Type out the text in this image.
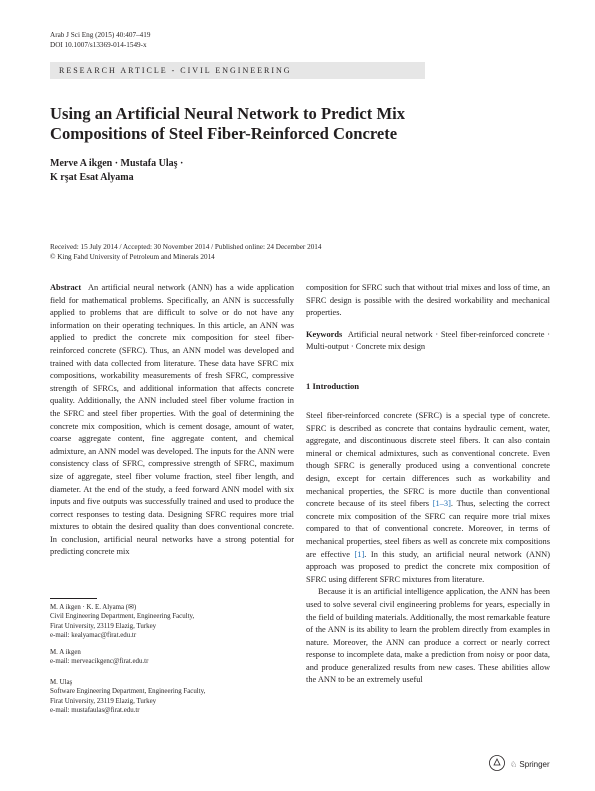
Arab J Sci Eng (2015) 40:407–419
DOI 10.1007/s13369-014-1549-x
RESEARCH ARTICLE - CIVIL ENGINEERING
Using an Artificial Neural Network to Predict Mix
Compositions of Steel Fiber-Reinforced Concrete
Merve A ikgen · Mustafa Ulaş ·
K rşat Esat Alyama
Received: 15 July 2014 / Accepted: 30 November 2014 / Published online: 24 December 2014
© King Fahd University of Petroleum and Minerals 2014

Abstract An artificial neural network (ANN) has a wide application field for mathematical problems. Specifically, an ANN is successfully applied to problems that are difficult to solve or do not have any information on their operating techniques. In this article, an ANN was applied to predict the concrete mix composition for steel fiber-reinforced concrete (SFRC). Thus, an ANN model was developed and trained with data collected from literature. These data have SFRC mix compositions, workability measurements of fresh SFRC, compressive strength of SFRCs, and additional information that affects concrete quality. Additionally, the ANN included steel fiber volume fraction in the SFRC and steel fiber properties. With the goal of determining the concrete mix composition, which is cement dosage, amount of water, coarse aggregate content, fine aggregate content, and chemical admixture, an ANN model was developed. The inputs for the ANN were consistency class of SFRC, compressive strength of SFRC, maximum size of aggregate, steel fiber volume fraction, steel fiber length, and diameter. At the end of the study, a feed forward ANN model with six inputs and five outputs was successfully trained and used to produce the correct responses to testing data. Designing SFRC requires more trial mixtures to obtain the desired quality than does conventional concrete. In conclusion, artificial neural networks have a strong potential for predicting concrete mix

composition for SFRC such that without trial mixes and loss of time, an SFRC design is possible with the desired workability and mechanical properties.

Keywords Artificial neural network · Steel fiber-reinforced concrete · Multi-output · Concrete mix design

1 Introduction

Steel fiber-reinforced concrete (SFRC) is a special type of concrete. SFRC is described as concrete that contains hydraulic cement, water, aggregate, and discontinuous discrete steel fibers. It can also contain mineral or chemical admixtures, such as conventional concrete. Even though SFRC is generally produced using a conventional concrete design, except for certain differences such as workability and mechanical properties, the SFRC is more ductile than conventional concrete because of its steel fibers [1–3]. Thus, selecting the correct concrete mix composition of the SFRC can require more trial mixes compared to that of conventional concrete. Moreover, in terms of mechanical properties, steel fibers as well as concrete mix compositions are effective [1]. In this study, an artificial neural network (ANN) approach was proposed to predict the concrete mix composition of SFRC using different SFRC mixtures from literature.

Because it is an artificial intelligence application, the ANN has been used to solve several civil engineering problems for years, especially in the field of building materials. Additionally, the most remarkable feature of the ANN is its ability to learn the problem directly from examples in nature. Moreover, the ANN can produce a correct or nearly correct response to incomplete data, make a prediction from noisy or poor data, and produce generalized results from new cases. These abilities allow the ANN to be an extremely useful

M. A ikgen · K. E. Alyama (✉)
Civil Engineering Department, Engineering Faculty,
Firat University, 23119 Elazig, Turkey
e-mail: kealyamac@firat.edu.tr
M. A ikgen
e-mail: merveacikgenc@firat.edu.tr
M. Ulaş
Software Engineering Department, Engineering Faculty,
Firat University, 23119 Elazig, Turkey
e-mail: mustafaulas@firat.edu.tr
♘ Springer
